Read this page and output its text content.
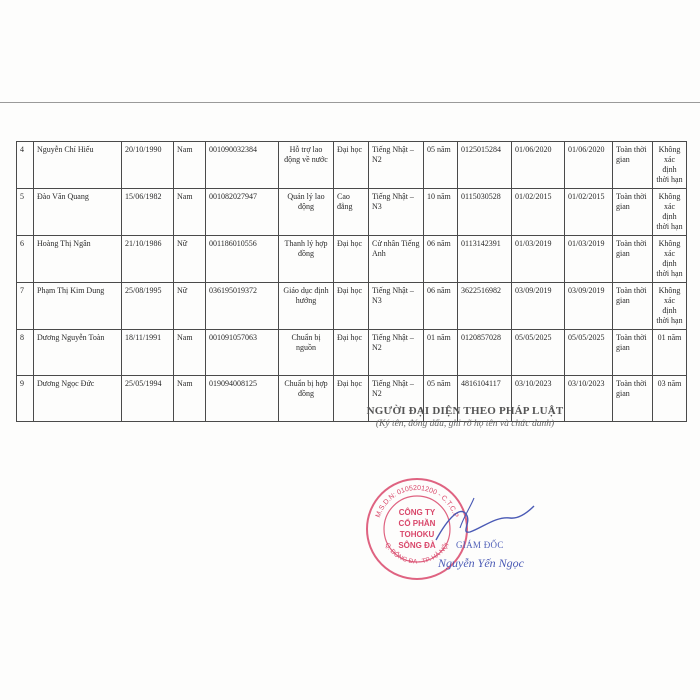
4	Nguyễn Chí Hiếu	20/10/1990	Nam	001090032384	Hỗ trợ lao động về nước	Đại học	Tiếng Nhật – N2	05 năm	0125015284	01/06/2020	01/06/2020	Toàn thời gian	Không xác định thời hạn
5	Đào Văn Quang	15/06/1982	Nam	001082027947	Quản lý lao động	Cao đẳng	Tiếng Nhật – N3	10 năm	0115030528	01/02/2015	01/02/2015	Toàn thời gian	Không xác định thời hạn
6	Hoàng Thị Ngân	21/10/1986	Nữ	001186010556	Thanh lý hợp đồng	Đại học	Cử nhân Tiếng Anh	06 năm	0113142391	01/03/2019	01/03/2019	Toàn thời gian	Không xác định thời hạn
7	Phạm Thị Kim Dung	25/08/1995	Nữ	036195019372	Giáo dục định hướng	Đại học	Tiếng Nhật – N3	06 năm	3622516982	03/09/2019	03/09/2019	Toàn thời gian	Không xác định thời hạn
8	Dương Nguyễn Toàn	18/11/1991	Nam	001091057063	Chuẩn bị nguồn	Đại học	Tiếng Nhật – N2	01 năm	0120857028	05/05/2025	05/05/2025	Toàn thời gian	01 năm
9	Dương Ngọc Đức	25/05/1994	Nam	019094008125	Chuẩn bị hợp đồng	Đại học	Tiếng Nhật – N2	05 năm	4816104117	03/10/2023	03/10/2023	Toàn thời gian	03 năm
NGƯỜI ĐẠI DIỆN THEO PHÁP LUẬT
(Ký tên, đóng dấu, ghi rõ họ tên và chức danh)
M.S.D.N: 0105201200 - C.T.C.P
Q. ĐỐNG ĐA - TP. HÀ NỘI
CÔNG TY
CỔ PHẦN
TOHOKU
SÔNG ĐÀ GIÁM ĐỐC
Nguyễn Yến Ngọc
